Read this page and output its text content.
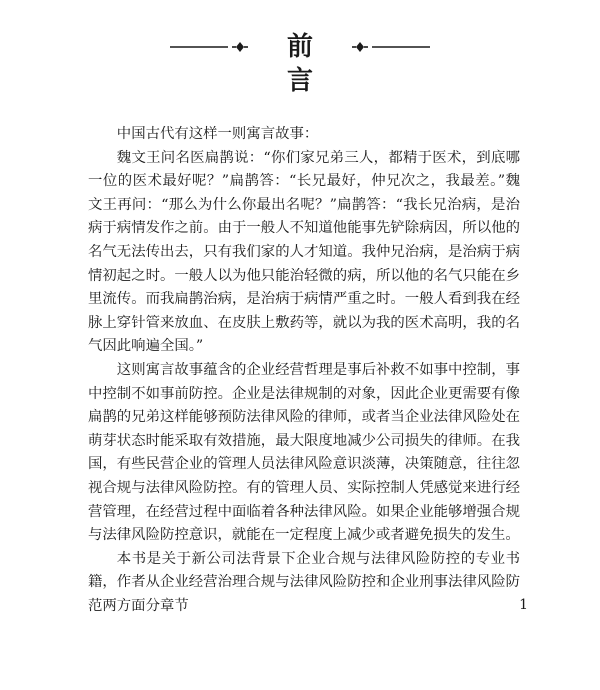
前言

中国古代有这样一则寓言故事：

魏文王问名医扁鹊说：“你们家兄弟三人，都精于医术，到底哪一位的医术最好呢？”扁鹊答：“长兄最好，仲兄次之，我最差。”魏文王再问：“那么为什么你最出名呢？”扁鹊答：“我长兄治病，是治病于病情发作之前。由于一般人不知道他能事先铲除病因，所以他的名气无法传出去，只有我们家的人才知道。我仲兄治病，是治病于病情初起之时。一般人以为他只能治轻微的病，所以他的名气只能在乡里流传。而我扁鹊治病，是治病于病情严重之时。一般人看到我在经脉上穿针管来放血、在皮肤上敷药等，就以为我的医术高明，我的名气因此响遍全国。”

这则寓言故事蕴含的企业经营哲理是事后补救不如事中控制，事中控制不如事前防控。企业是法律规制的对象，因此企业更需要有像扁鹊的兄弟这样能够预防法律风险的律师，或者当企业法律风险处在萌芽状态时能采取有效措施，最大限度地减少公司损失的律师。在我国，有些民营企业的管理人员法律风险意识淡薄，决策随意，往往忽视合规与法律风险防控。有的管理人员、实际控制人凭感觉来进行经营管理，在经营过程中面临着各种法律风险。如果企业能够增强合规与法律风险防控意识，就能在一定程度上减少或者避免损失的发生。

本书是关于新公司法背景下企业合规与法律风险防控的专业书籍，作者从企业经营治理合规与法律风险防控和企业刑事法律风险防范两方面分章节	1
